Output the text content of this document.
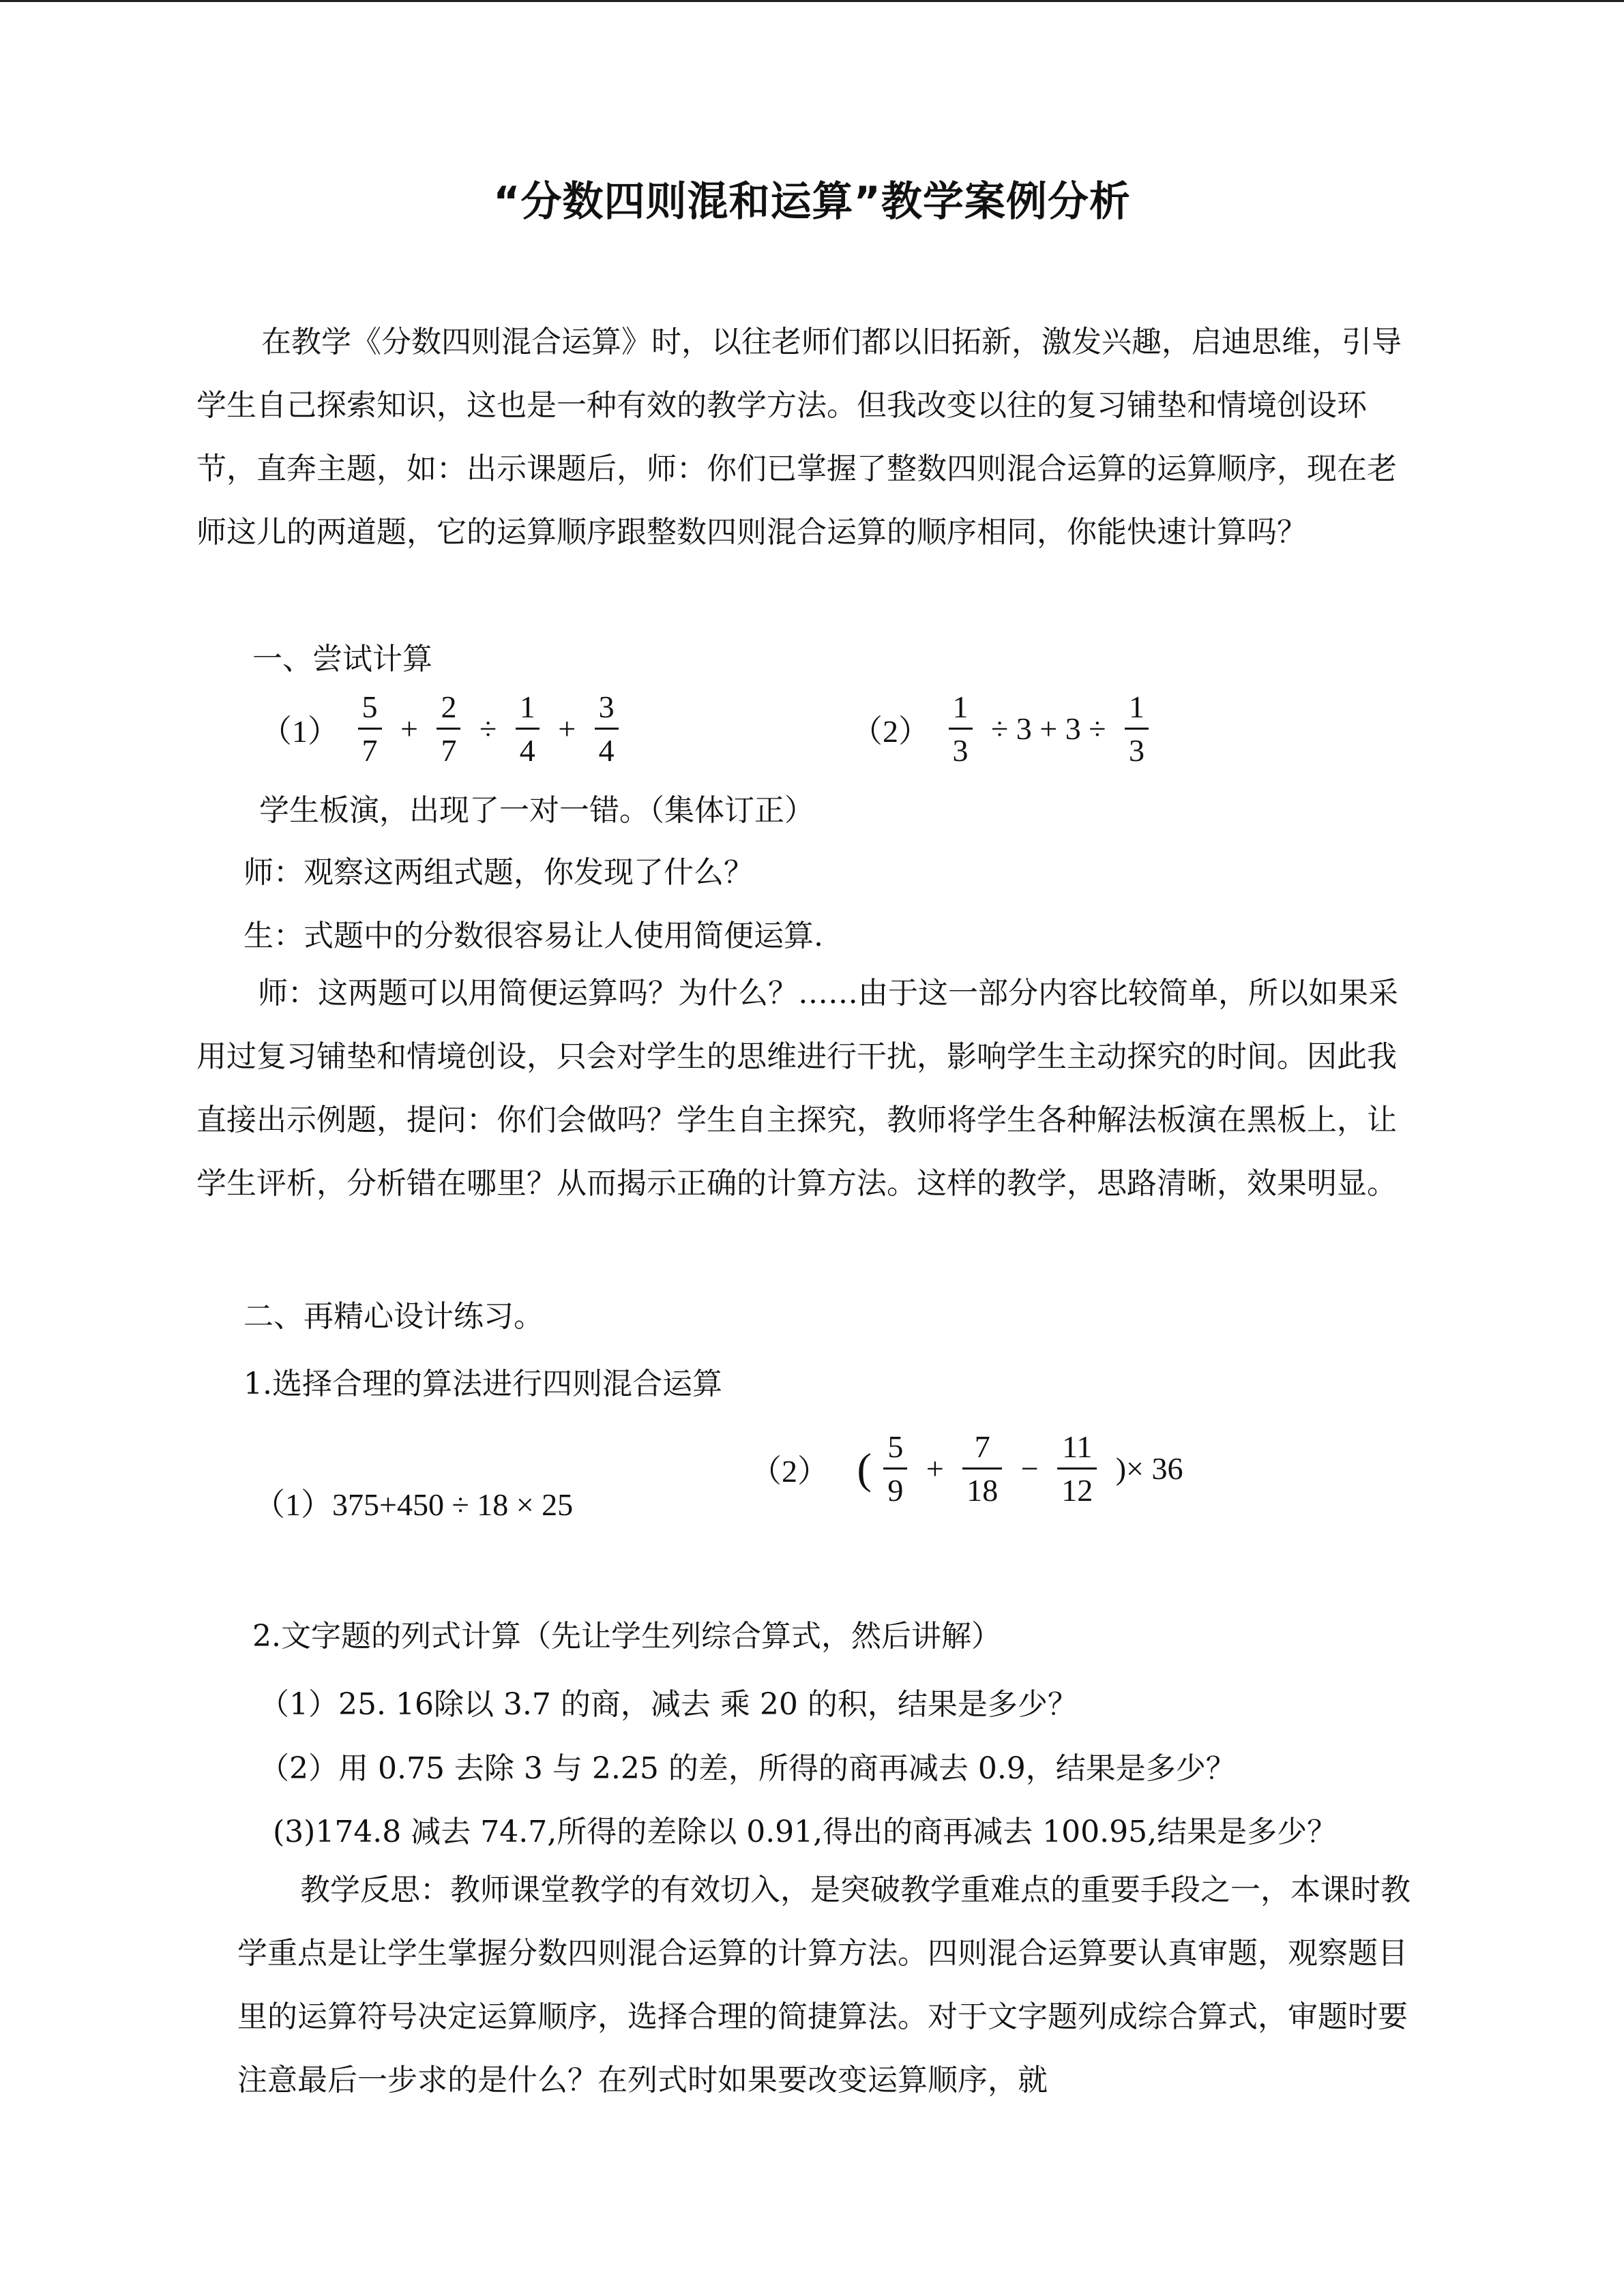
“分数四则混和运算”教学案例分析

在教学《分数四则混合运算》时，以往老师们都以旧拓新，激发兴趣，启迪思维，引导学生自己探索知识，这也是一种有效的教学方法。但我改变以往的复习铺垫和情境创设环节，直奔主题，如：出示课题后，师：你们已掌握了整数四则混合运算的运算顺序，现在老师这儿的两道题，它的运算顺序跟整数四则混合运算的顺序相同，你能快速计算吗？

一、尝试计算
$(1) \frac{5}{7} + \frac{2}{7} \div \frac{1}{4} + \frac{3}{4}$	$(2) \frac{1}{3} \div 3 + 3 \div \frac{1}{3}$
学生板演，出现了一对一错。（集体订正）
师：观察这两组式题，你发现了什么？
生：式题中的分数很容易让人使用简便运算.

师：这两题可以用简便运算吗？为什么？……由于这一部分内容比较简单，所以如果采用过复习铺垫和情境创设，只会对学生的思维进行干扰，影响学生主动探究的时间。因此我直接出示例题，提问：你们会做吗？学生自主探究，教师将学生各种解法板演在黑板上，让学生评析，分析错在哪里？从而揭示正确的计算方法。这样的教学，思路清晰，效果明显。

二、再精心设计练习。
1.选择合理的算法进行四则混合运算
（1）375+450 ÷ 18 × 25
（2） ( $\frac{5}{9} + \frac{7}{18} - \frac{11}{12}$ )× 36
2.文字题的列式计算（先让学生列综合算式，然后讲解）
（1）25. 16除以 3.7 的商，减去 乘 20 的积，结果是多少？
（2）用 0.75 去除 3 与 2.25 的差，所得的商再减去 0.9，结果是多少？
(3)174.8 减去 74.7,所得的差除以 0.91,得出的商再减去 100.95,结果是多少？

教学反思：教师课堂教学的有效切入，是突破教学重难点的重要手段之一，本课时教学重点是让学生掌握分数四则混合运算的计算方法。四则混合运算要认真审题，观察题目里的运算符号决定运算顺序，选择合理的简捷算法。对于文字题列成综合算式，审题时要注意最后一步求的是什么？在列式时如果要改变运算顺序，就
